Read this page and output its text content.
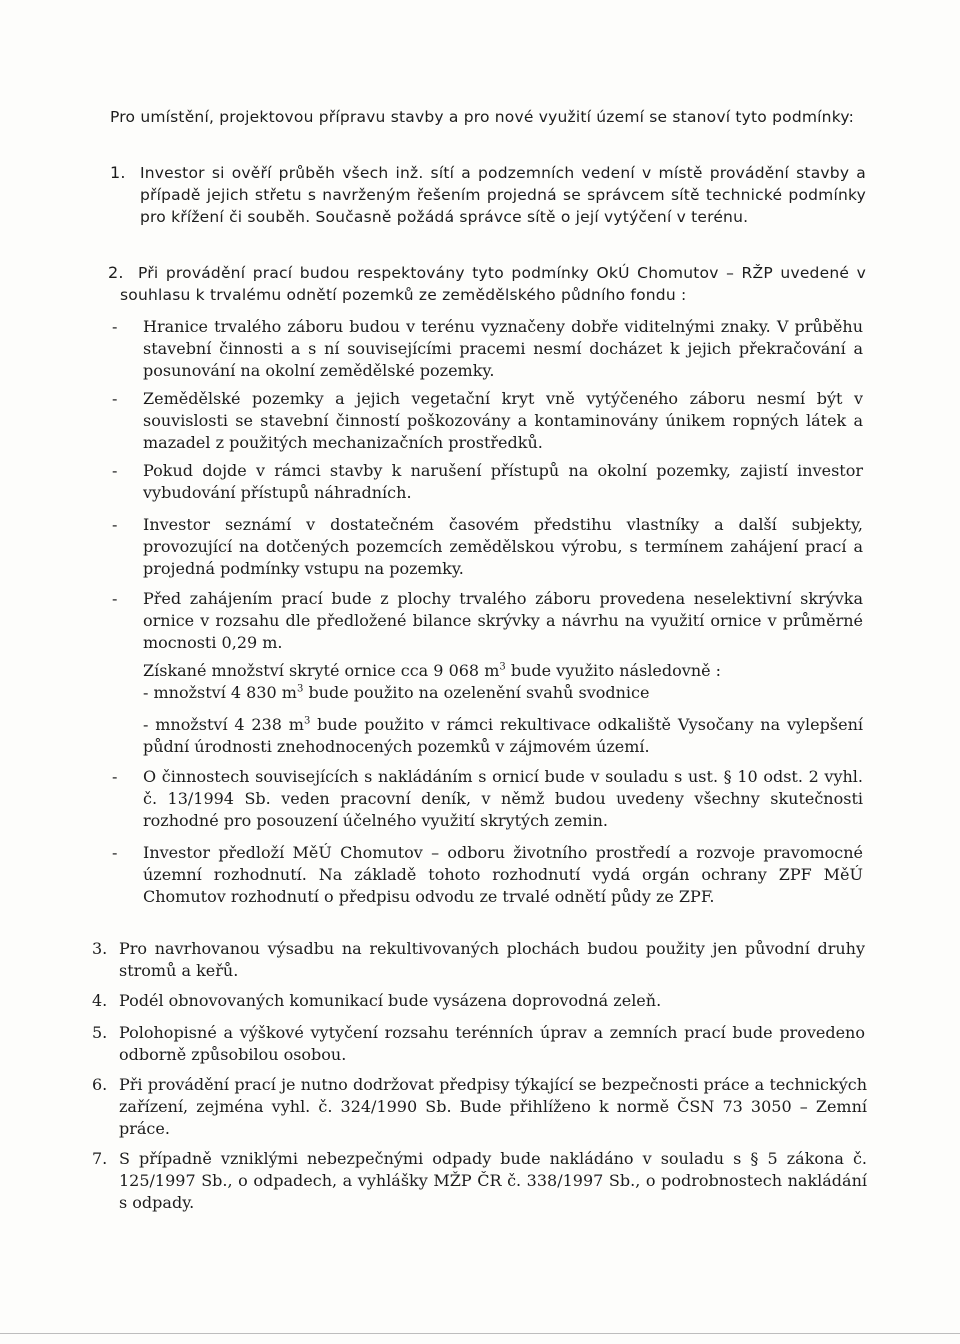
Pro umístění, projektovou přípravu stavby a pro nové využití území se stanoví tyto podmínky:
1. Investor si ověří průběh všech inž. sítí a podzemních vedení v místě provádění stavby a případě jejich střetu s navrženým řešením projedná se správcem sítě technické podmínky pro křížení či souběh. Současně požádá správce sítě o její vytýčení v terénu.
2. Při provádění prací budou respektovány tyto podmínky OkÚ Chomutov – RŽP uvedené v souhlasu k trvalému odnětí pozemků ze zemědělského půdního fondu :
- Hranice trvalého záboru budou v terénu vyznačeny dobře viditelnými znaky. V průběhu stavební činnosti a s ní souvisejícími pracemi nesmí docházet k jejich překračování a posunování na okolní zemědělské pozemky.
- Zemědělské pozemky a jejich vegetační kryt vně vytýčeného záboru nesmí být v souvislosti se stavební činností poškozovány a kontaminovány únikem ropných látek a mazadel z použitých mechanizačních prostředků.
- Pokud dojde v rámci stavby k narušení přístupů na okolní pozemky, zajistí investor vybudování přístupů náhradních.
- Investor seznámí v dostatečném časovém předstihu vlastníky a další subjekty, provozující na dotčených pozemcích zemědělskou výrobu, s termínem zahájení prací a projedná podmínky vstupu na pozemky.
- Před zahájením prací bude z plochy trvalého záboru provedena neselektivní skrývka ornice v rozsahu dle předložené bilance skrývky a návrhu na využití ornice v průměrné mocnosti 0,29 m.
Získané množství skryté ornice cca 9 068 $m^3$ bude využito následovně :
- množství 4 830 $m^3$ bude použito na ozelenění svahů svodnice
- množství 4 238 $m^3$ bude použito v rámci rekultivace odkaliště Vysočany na vylepšení půdní úrodnosti znehodnocených pozemků v zájmovém území.
- O činnostech souvisejících s nakládáním s ornicí bude v souladu s ust. § 10 odst. 2 vyhl. č. 13/1994 Sb. veden pracovní deník, v němž budou uvedeny všechny skutečnosti rozhodné pro posouzení účelného využití skrytých zemin.
- Investor předloží MěÚ Chomutov – odboru životního prostředí a rozvoje pravomocné územní rozhodnutí. Na základě tohoto rozhodnutí vydá orgán ochrany ZPF MěÚ Chomutov rozhodnutí o předpisu odvodu ze trvalé odnětí půdy ze ZPF.
3. Pro navrhovanou výsadbu na rekultivovaných plochách budou použity jen původní druhy stromů a keřů.
4. Podél obnovovaných komunikací bude vysázena doprovodná zeleň.
5. Polohopisné a výškové vytyčení rozsahu terénních úprav a zemních prací bude provedeno odborně způsobilou osobou.
6. Při provádění prací je nutno dodržovat předpisy týkající se bezpečnosti práce a technických zařízení, zejména vyhl. č. 324/1990 Sb. Bude přihlíženo k normě ČSN 73 3050 – Zemní práce.
7. S případně vzniklými nebezpečnými odpady bude nakládáno v souladu s § 5 zákona č. 125/1997 Sb., o odpadech, a vyhlášky MŽP ČR č. 338/1997 Sb., o podrobnostech nakládání s odpady.
